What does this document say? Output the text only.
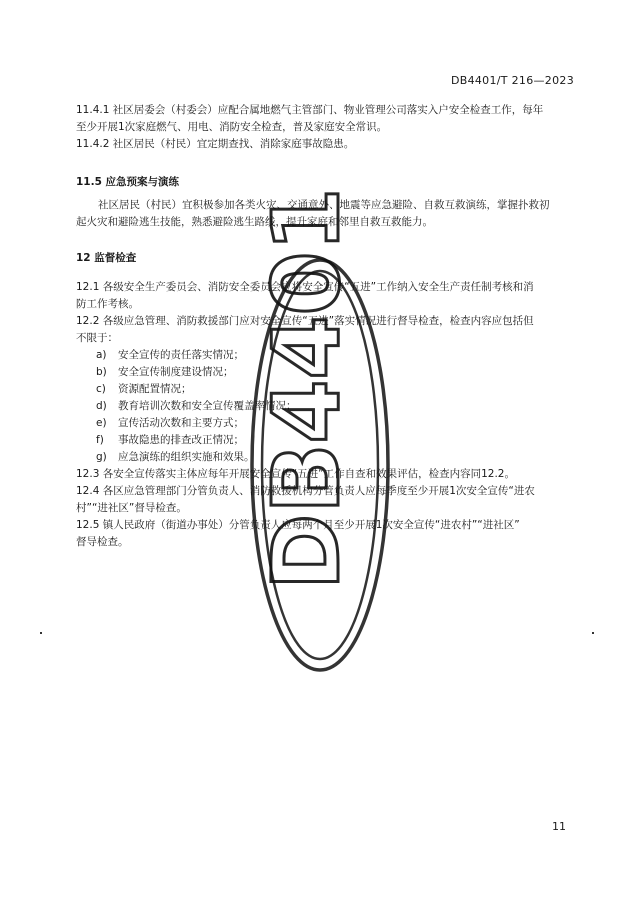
DB4401/T 216—2023
11.4.1 社区居委会（村委会）应配合属地燃气主管部门、物业管理公司落实入户安全检查工作，每年
至少开展1次家庭燃气、用电、消防安全检查，普及家庭安全常识。
11.4.2 社区居民（村民）宜定期查找、消除家庭事故隐患。
11.5 应急预案与演练
社区居民（村民）宜积极参加各类火灾、交通意外、地震等应急避险、自救互救演练，掌握扑救初
起火灾和避险逃生技能，熟悉避险逃生路线，提升家庭和邻里自救互救能力。
12 监督检查
12.1 各级安全生产委员会、消防安全委员会应将安全宣传“五进”工作纳入安全生产责任制考核和消
防工作考核。
12.2 各级应急管理、消防救援部门应对安全宣传“五进”落实情况进行督导检查，检查内容应包括但
不限于：
a) 安全宣传的责任落实情况；
b) 安全宣传制度建设情况；
c) 资源配置情况；
d) 教育培训次数和安全宣传覆盖率情况；
e) 宣传活动次数和主要方式；
f) 事故隐患的排查改正情况；
g) 应急演练的组织实施和效果。
12.3 各安全宣传落实主体应每年开展安全宣传“五进”工作自查和效果评估，检查内容同12.2。
12.4 各区应急管理部门分管负责人、消防救援机构分管负责人应每季度至少开展1次安全宣传“进农
村”“进社区”督导检查。
12.5 镇人民政府（街道办事处）分管负责人应每两个月至少开展1次安全宣传“进农村”“进社区”
督导检查。	DB4401
11
